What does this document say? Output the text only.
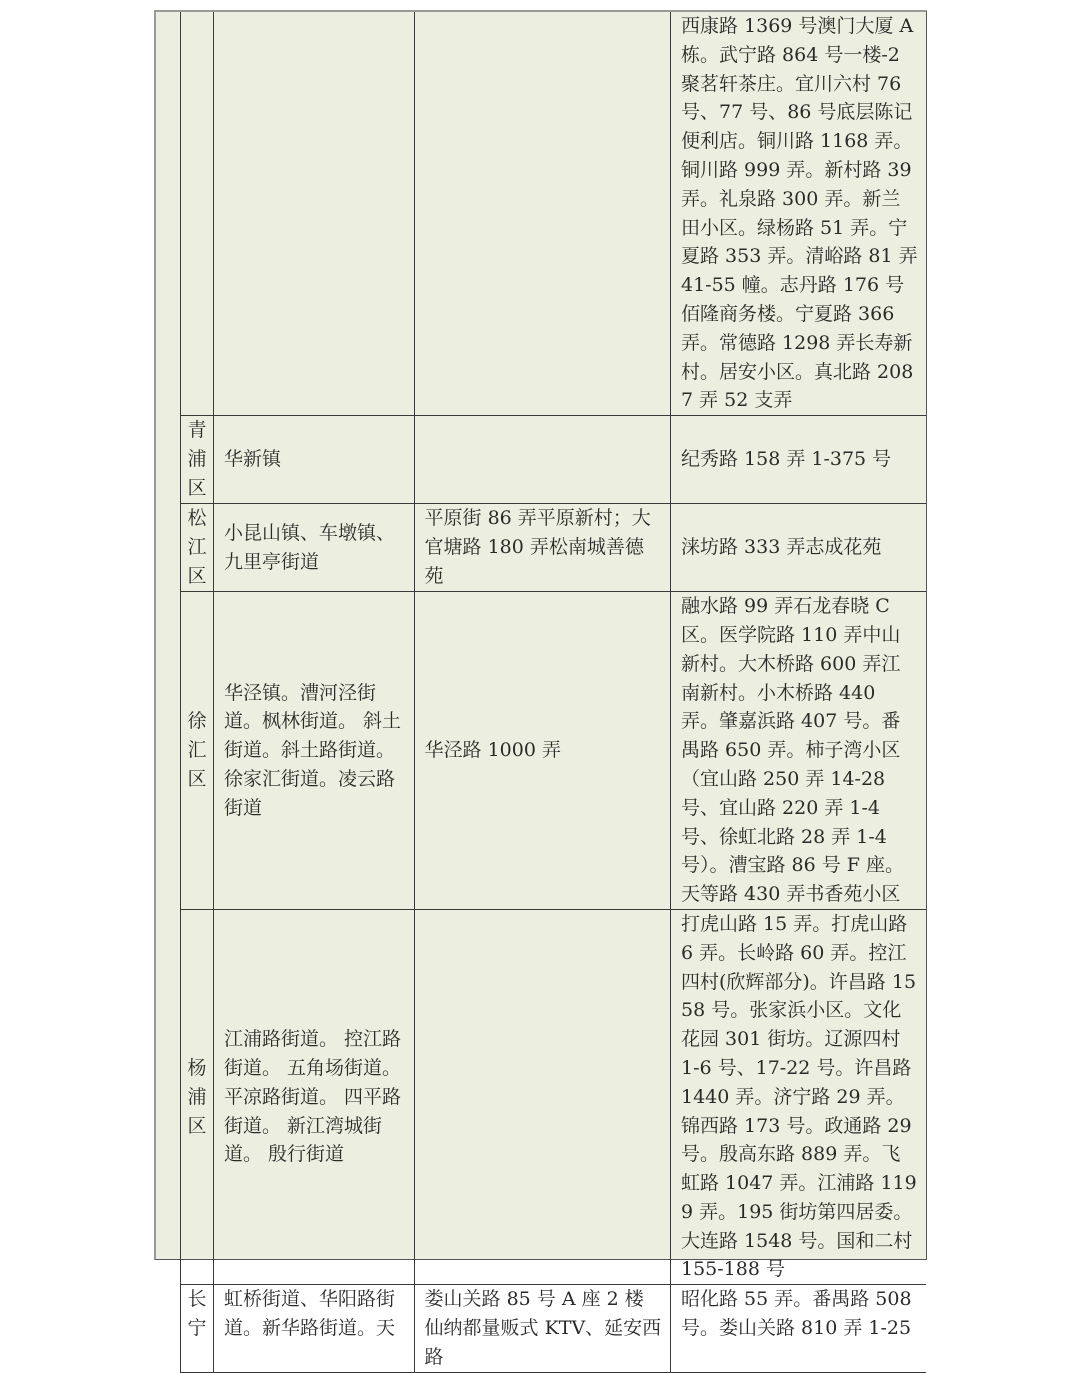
			西康路 1369 号澳门大厦 A 栋。武宁路 864 号一楼-2 聚茗轩茶庄。宜川六村 76 号、77 号、86 号底层陈记便利店。铜川路 1168 弄。铜川路 999 弄。新村路 39 弄。礼泉路 300 弄。新兰田小区。绿杨路 51 弄。宁夏路 353 弄。清峪路 81 弄 41-55 幢。志丹路 176 号佰隆商务楼。宁夏路 366 弄。常德路 1298 弄长寿新村。居安小区。真北路 2087 弄 52 支弄

青浦区	华新镇		纪秀路 158 弄 1-375 号

松江区	小昆山镇、车墩镇、九里亭街道	平原街 86 弄平原新村；大官塘路 180 弄松南城善德苑	涞坊路 333 弄志成花苑

徐汇区	华泾镇。漕河泾街道。枫林街道。 斜土街道。斜土路街道。徐家汇街道。凌云路街道	华泾路 1000 弄	融水路 99 弄石龙春晓 C 区。医学院路 110 弄中山新村。大木桥路 600 弄江南新村。小木桥路 440 弄。肇嘉浜路 407 号。番禺路 650 弄。柿子湾小区（宜山路 250 弄 14-28 号、宜山路 220 弄 1-4 号、徐虹北路 28 弄 1-4 号）。漕宝路 86 号 F 座。天等路 430 弄书香苑小区

杨浦区	江浦路街道。 控江路街道。 五角场街道。平凉路街道。 四平路街道。 新江湾城街道。 殷行街道		打虎山路 15 弄。打虎山路 6 弄。长岭路 60 弄。控江四村(欣辉部分)。许昌路 1558 号。张家浜小区。文化花园 301 街坊。辽源四村 1-6 号、17-22 号。许昌路 1440 弄。济宁路 29 弄。锦西路 173 号。政通路 29 号。殷高东路 889 弄。飞虹路 1047 弄。江浦路 1199 弄。195 街坊第四居委。大连路 1548 号。国和二村 155-188 号

长宁	虹桥街道、华阳路街道。新华路街道。天	娄山关路 85 号 A 座 2 楼仙纳都量贩式 KTV、延安西路	昭化路 55 弄。番禺路 508 号。娄山关路 810 弄 1-25
